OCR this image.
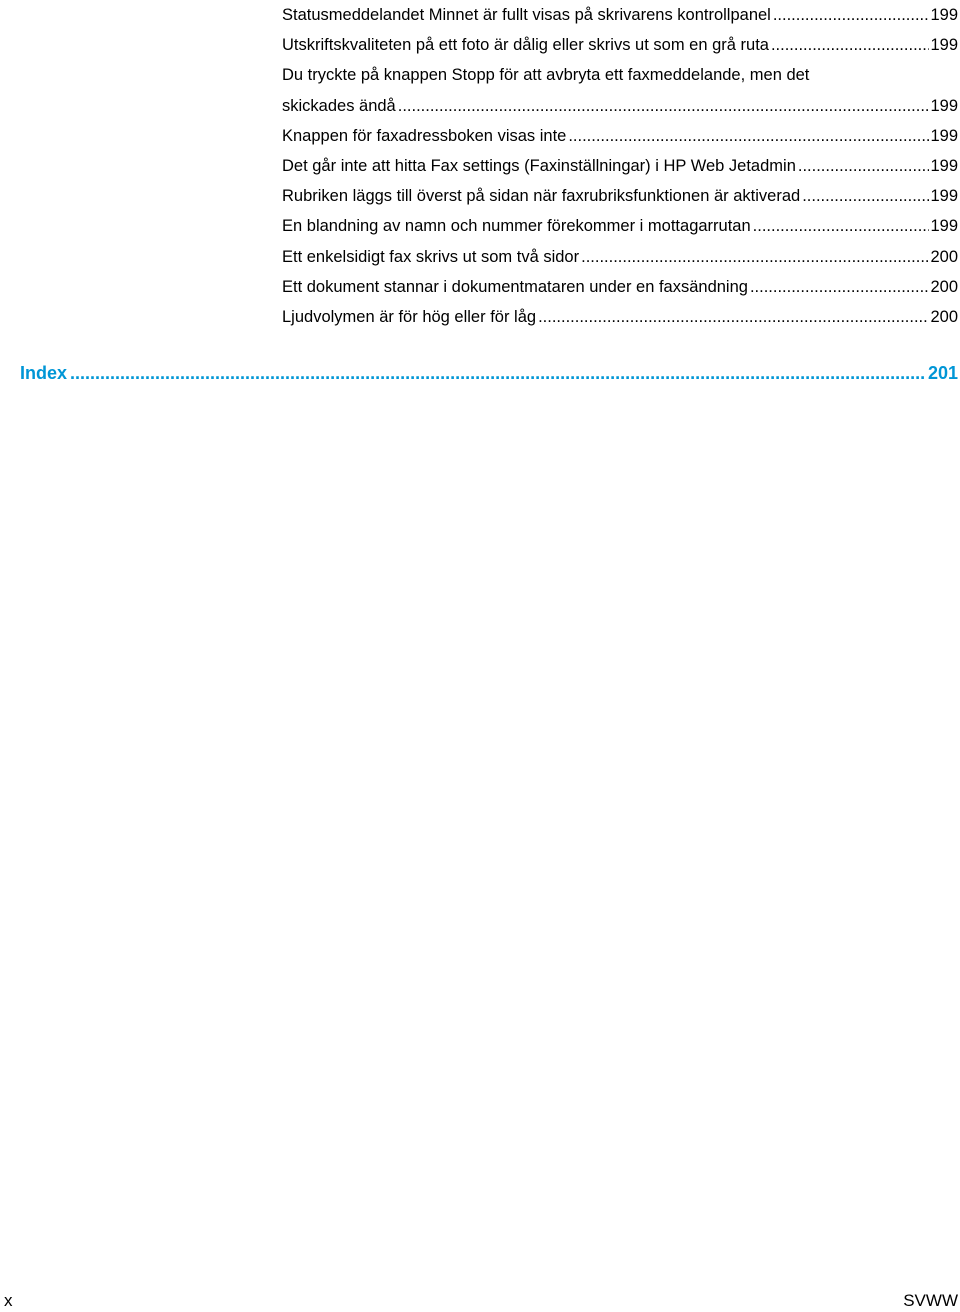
Statusmeddelandet Minnet är fullt visas på skrivarens kontrollpanel .....	199
Utskriftskvaliteten på ett foto är dålig eller skrivs ut som en grå ruta .....	199
Du tryckte på knappen Stopp för att avbryta ett faxmeddelande, men det
skickades ändå .....	199
Knappen för faxadressboken visas inte .....	199
Det går inte att hitta Fax settings (Faxinställningar) i HP Web Jetadmin .....	199
Rubriken läggs till överst på sidan när faxrubriksfunktionen är aktiverad .....	199
En blandning av namn och nummer förekommer i mottagarrutan .....	199
Ett enkelsidigt fax skrivs ut som två sidor .....	200
Ett dokument stannar i dokumentmataren under en faxsändning .....	200
Ljudvolymen är för hög eller för låg .....	200
Index .....	201
x	SVWW
